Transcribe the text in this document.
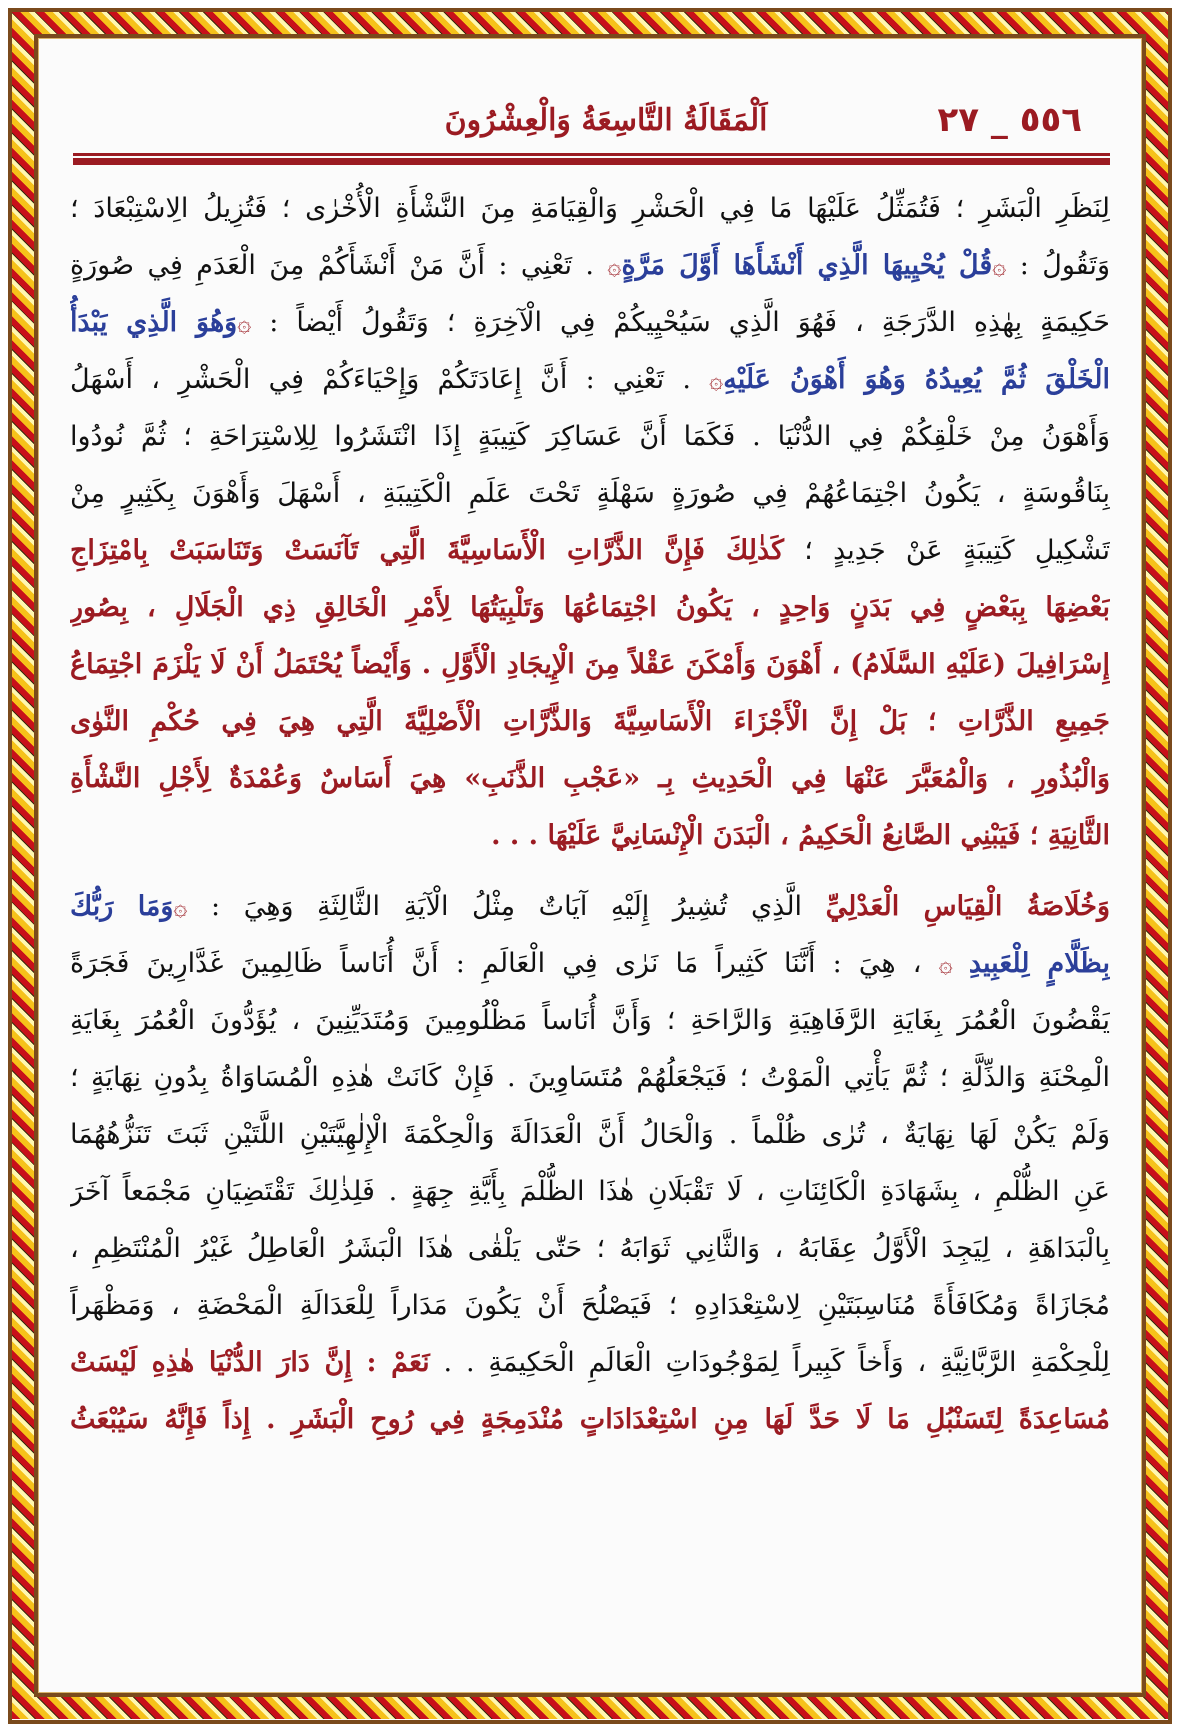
٥٥٦ _ ٢٧
اَلْمَقَالَةُ التَّاسِعَةُ وَالْعِشْرُونَ
لِنَظَرِ الْبَشَرِ ؛ فَتُمَثِّلُ عَلَيْهَا مَا فِي الْحَشْرِ وَالْقِيَامَةِ مِنَ النَّشْأَةِ الْأُخْرٰى ؛ فَتُزِيلُ الِاسْتِبْعَادَ ؛
وَتَقُولُ : ۞قُلْ يُحْيِيهَا الَّذِي أَنْشَأَهَا أَوَّلَ مَرَّةٍ۞ . تَعْنِي : أَنَّ مَنْ أَنْشَأَكُمْ مِنَ الْعَدَمِ فِي صُورَةٍ
حَكِيمَةٍ بِهٰذِهِ الدَّرَجَةِ ، فَهُوَ الَّذِي سَيُحْيِيكُمْ فِي الْآخِرَةِ ؛ وَتَقُولُ أَيْضاً : ۞وَهُوَ الَّذِي يَبْدَأُ
الْخَلْقَ ثُمَّ يُعِيدُهُ وَهُوَ أَهْوَنُ عَلَيْهِ۞ . تَعْنِي : أَنَّ إِعَادَتَكُمْ وَإِحْيَاءَكُمْ فِي الْحَشْرِ ، أَسْهَلُ
وَأَهْوَنُ مِنْ خَلْقِكُمْ فِي الدُّنْيَا . فَكَمَا أَنَّ عَسَاكِرَ كَتِيبَةٍ إِذَا انْتَشَرُوا لِلِاسْتِرَاحَةِ ؛ ثُمَّ نُودُوا
بِنَاقُوسَةٍ ، يَكُونُ اجْتِمَاعُهُمْ فِي صُورَةٍ سَهْلَةٍ تَحْتَ عَلَمِ الْكَتِيبَةِ ، أَسْهَلَ وَأَهْوَنَ بِكَثِيرٍ مِنْ
تَشْكِيلِ كَتِيبَةٍ عَنْ جَدِيدٍ ؛ كَذٰلِكَ فَإِنَّ الذَّرَّاتِ الْأَسَاسِيَّةَ الَّتِي تَآنَسَتْ وَتَنَاسَبَتْ بِامْتِزَاجِ
بَعْضِهَا بِبَعْضٍ فِي بَدَنٍ وَاحِدٍ ، يَكُونُ اجْتِمَاعُهَا وَتَلْبِيَتُهَا لِأَمْرِ الْخَالِقِ ذِي الْجَلَالِ ، بِصُورِ
إِسْرَافِيلَ (عَلَيْهِ السَّلَامُ) ، أَهْوَنَ وَأَمْكَنَ عَقْلاً مِنَ الْإِيجَادِ الْأَوَّلِ . وَأَيْضاً يُحْتَمَلُ أَنْ لَا يَلْزَمَ اجْتِمَاعُ
جَمِيعِ الذَّرَّاتِ ؛ بَلْ إِنَّ الْأَجْزَاءَ الْأَسَاسِيَّةَ وَالذَّرَّاتِ الْأَصْلِيَّةَ الَّتِي هِيَ فِي حُكْمِ النَّوٰى
وَالْبُذُورِ ، وَالْمُعَبَّرَ عَنْهَا فِي الْحَدِيثِ بِـ «عَجْبِ الذَّنَبِ» هِيَ أَسَاسٌ وَعُمْدَةٌ لِأَجْلِ النَّشْأَةِ
الثَّانِيَةِ ؛ فَيَبْنِي الصَّانِعُ الْحَكِيمُ ، الْبَدَنَ الْإِنْسَانِيَّ عَلَيْهَا . . .
وَخُلَاصَةُ الْقِيَاسِ الْعَدْلِيِّ الَّذِي تُشِيرُ إِلَيْهِ آيَاتٌ مِثْلُ الْآيَةِ الثَّالِثَةِ وَهِيَ : ۞وَمَا رَبُّكَ
بِظَلَّامٍ لِلْعَبِيدِ ۞ ، هِيَ : أَنَّنَا كَثِيراً مَا نَرٰى فِي الْعَالَمِ : أَنَّ أُنَاساً ظَالِمِينَ غَدَّارِينَ فَجَرَةً
يَقْضُونَ الْعُمُرَ بِغَايَةِ الرَّفَاهِيَةِ وَالرَّاحَةِ ؛ وَأَنَّ أُنَاساً مَظْلُومِينَ وَمُتَدَيِّنِينَ ، يُؤَدُّونَ الْعُمُرَ بِغَايَةِ
الْمِحْنَةِ وَالذِّلَّةِ ؛ ثُمَّ يَأْتِي الْمَوْتُ ؛ فَيَجْعَلُهُمْ مُتَسَاوِينَ . فَإِنْ كَانَتْ هٰذِهِ الْمُسَاوَاةُ بِدُونِ نِهَايَةٍ ؛
وَلَمْ يَكُنْ لَهَا نِهَايَةٌ ، تُرٰى ظُلْماً . وَالْحَالُ أَنَّ الْعَدَالَةَ وَالْحِكْمَةَ الْإِلٰهِيَّتَيْنِ اللَّتَيْنِ ثَبَتَ تَنَزُّهُهُمَا
عَنِ الظُّلْمِ ، بِشَهَادَةِ الْكَائِنَاتِ ، لَا تَقْبَلَانِ هٰذَا الظُّلْمَ بِأَيَّةِ جِهَةٍ . فَلِذٰلِكَ تَقْتَضِيَانِ مَجْمَعاً آخَرَ
بِالْبَدَاهَةِ ، لِيَجِدَ الْأَوَّلُ عِقَابَهُ ، وَالثَّانِي ثَوَابَهُ ؛ حَتّٰى يَلْقٰى هٰذَا الْبَشَرُ الْعَاطِلُ غَيْرُ الْمُنْتَظِمِ ،
مُجَازَاةً وَمُكَافَأَةً مُنَاسِبَتَيْنِ لِاسْتِعْدَادِهِ ؛ فَيَصْلُحَ أَنْ يَكُونَ مَدَاراً لِلْعَدَالَةِ الْمَحْضَةِ ، وَمَظْهَراً
لِلْحِكْمَةِ الرَّبَّانِيَّةِ ، وَأَخاً كَبِيراً لِمَوْجُودَاتِ الْعَالَمِ الْحَكِيمَةِ . . نَعَمْ : إِنَّ دَارَ الدُّنْيَا هٰذِهِ لَيْسَتْ
مُسَاعِدَةً لِتَسَنْبُلِ مَا لَا حَدَّ لَهَا مِنِ اسْتِعْدَادَاتٍ مُنْدَمِجَةٍ فِي رُوحِ الْبَشَرِ . إِذاً فَإِنَّهُ سَيُبْعَثُ
